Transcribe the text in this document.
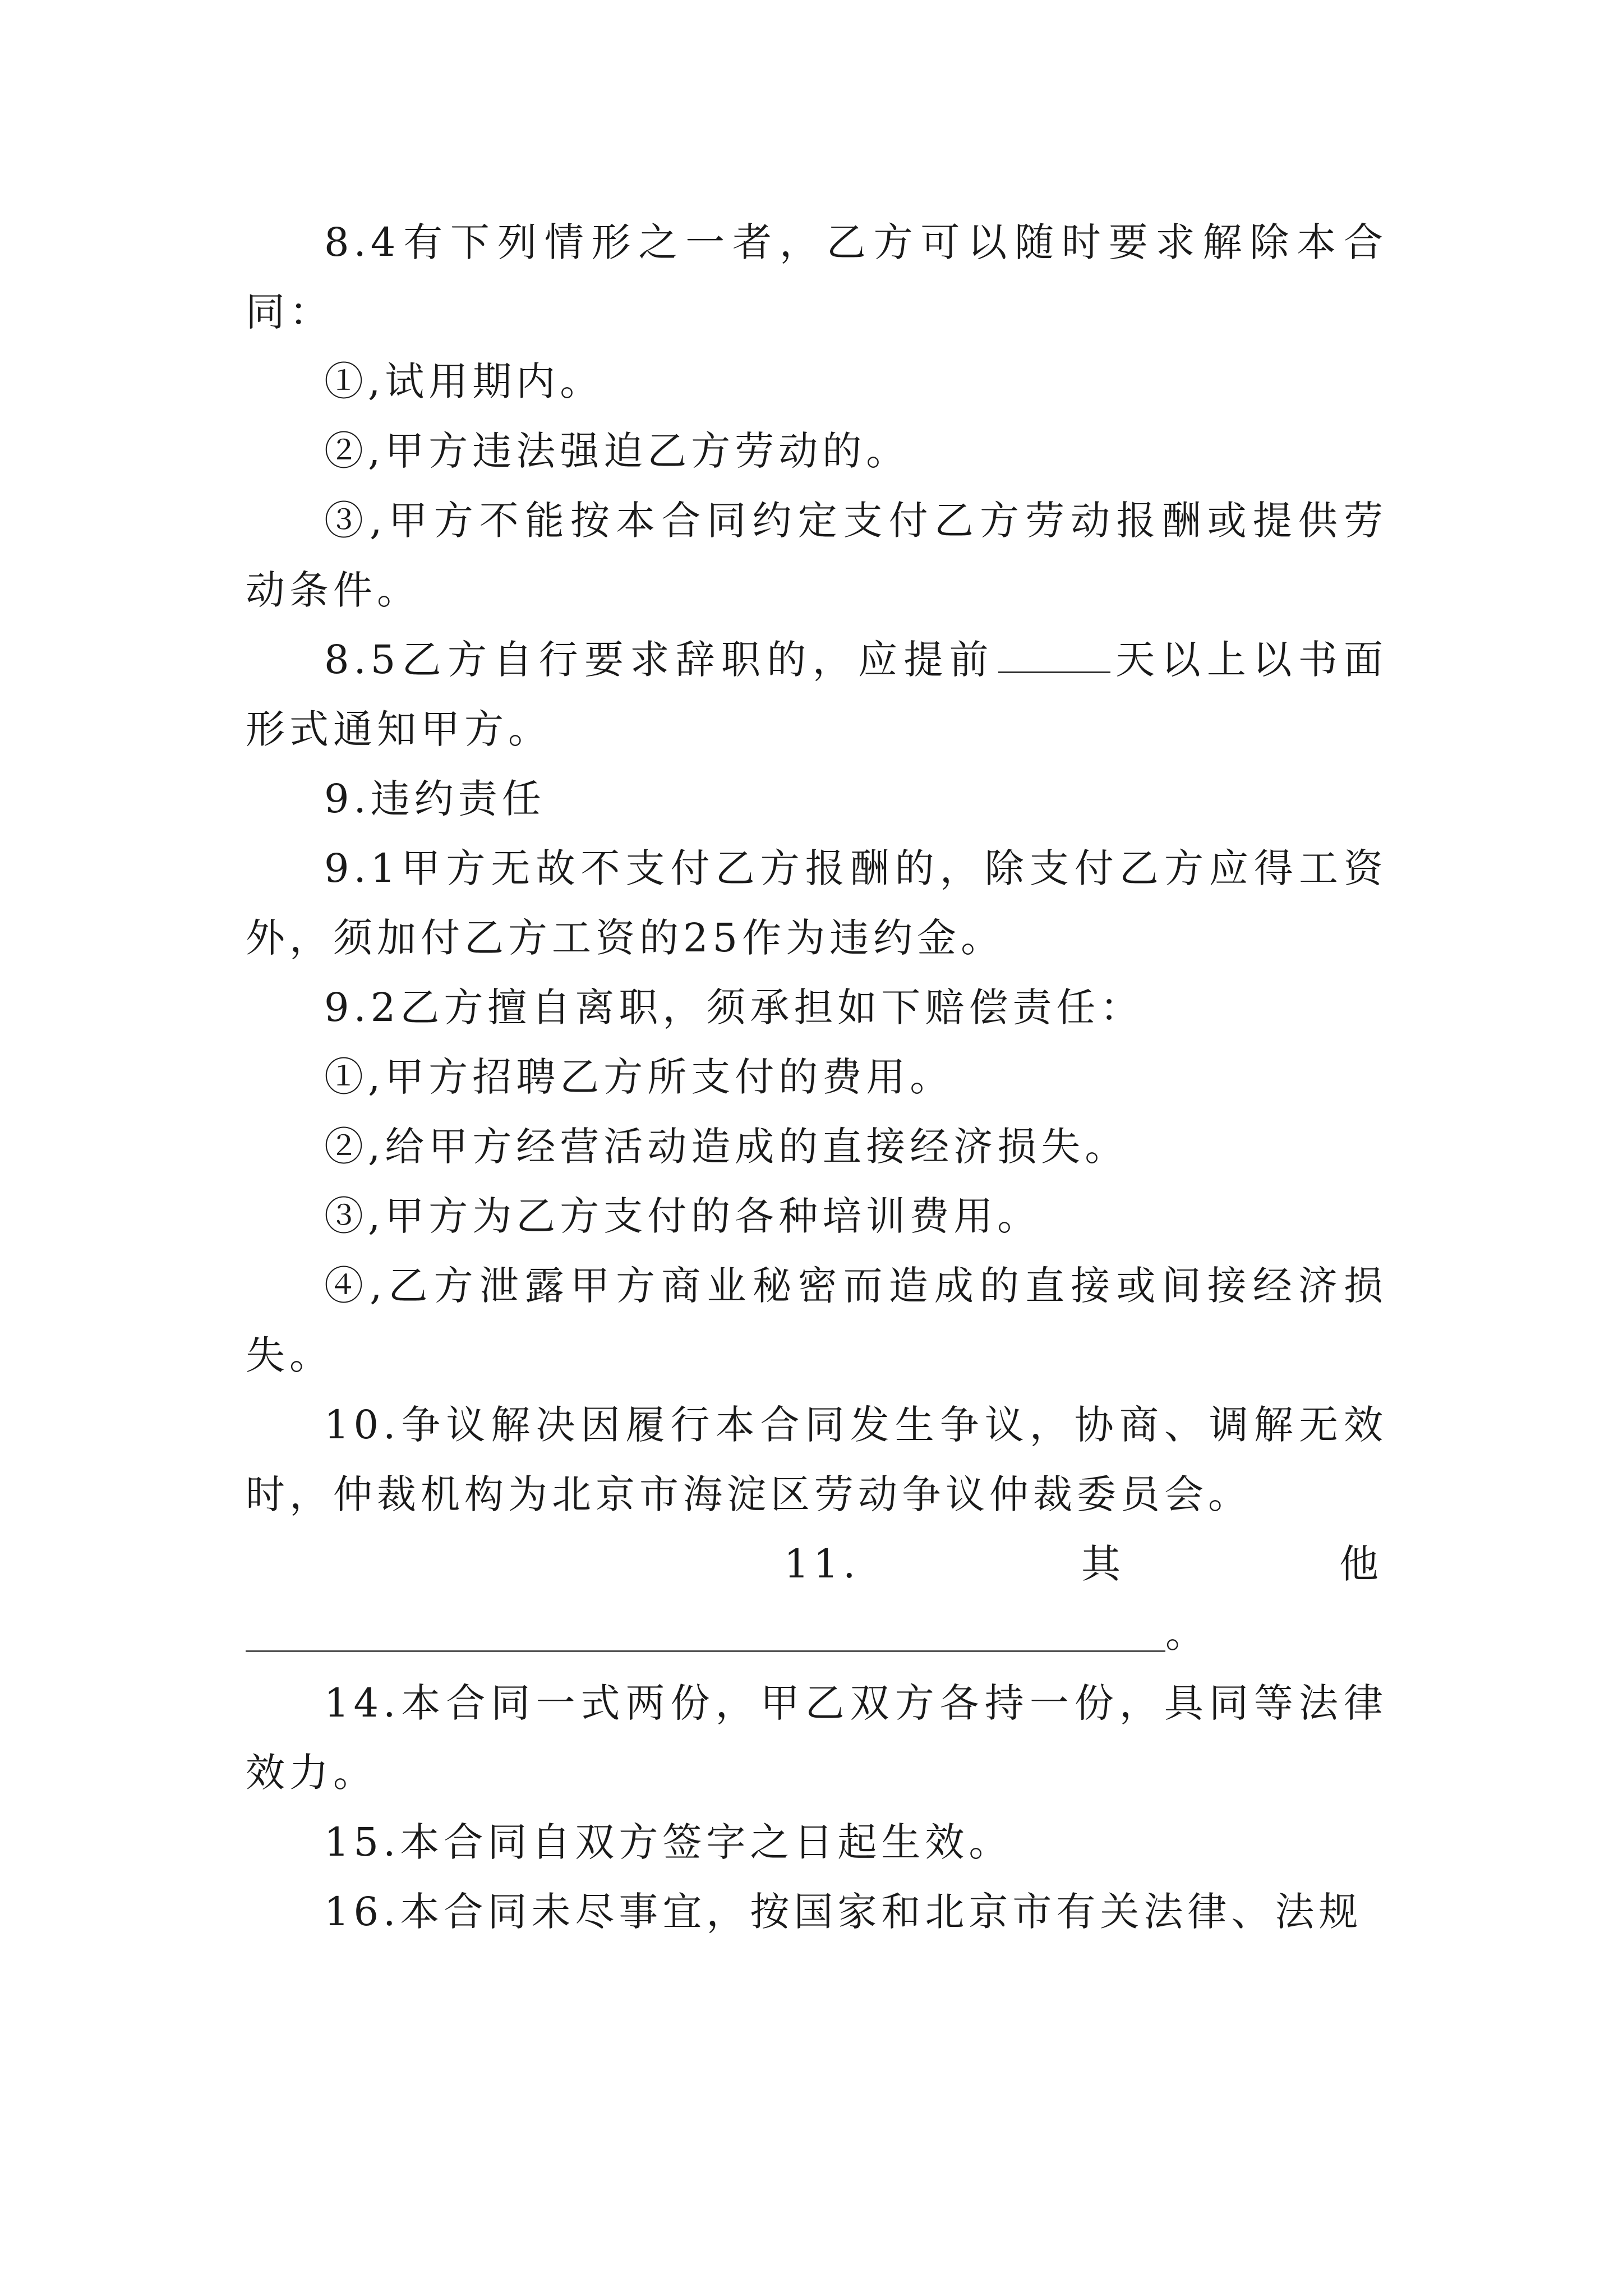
8.4有下列情形之一者，乙方可以随时要求解除本合同：

①,试用期内。

②,甲方违法强迫乙方劳动的。

③,甲方不能按本合同约定支付乙方劳动报酬或提供劳动条件。

8.5乙方自行要求辞职的，应提前	天以上以书面形式通知甲方。

9.违约责任

9.1甲方无故不支付乙方报酬的，除支付乙方应得工资外，须加付乙方工资的25作为违约金。

9.2乙方擅自离职，须承担如下赔偿责任：

①,甲方招聘乙方所支付的费用。

②,给甲方经营活动造成的直接经济损失。

③,甲方为乙方支付的各种培训费用。

④,乙方泄露甲方商业秘密而造成的直接或间接经济损失。

10.争议解决因履行本合同发生争议，协商、调解无效时，仲裁机构为北京市海淀区劳动争议仲裁委员会。

11.	其	他
。

14.本合同一式两份，甲乙双方各持一份，具同等法律效力。

15.本合同自双方签字之日起生效。

16.本合同未尽事宜，按国家和北京市有关法律、法规
